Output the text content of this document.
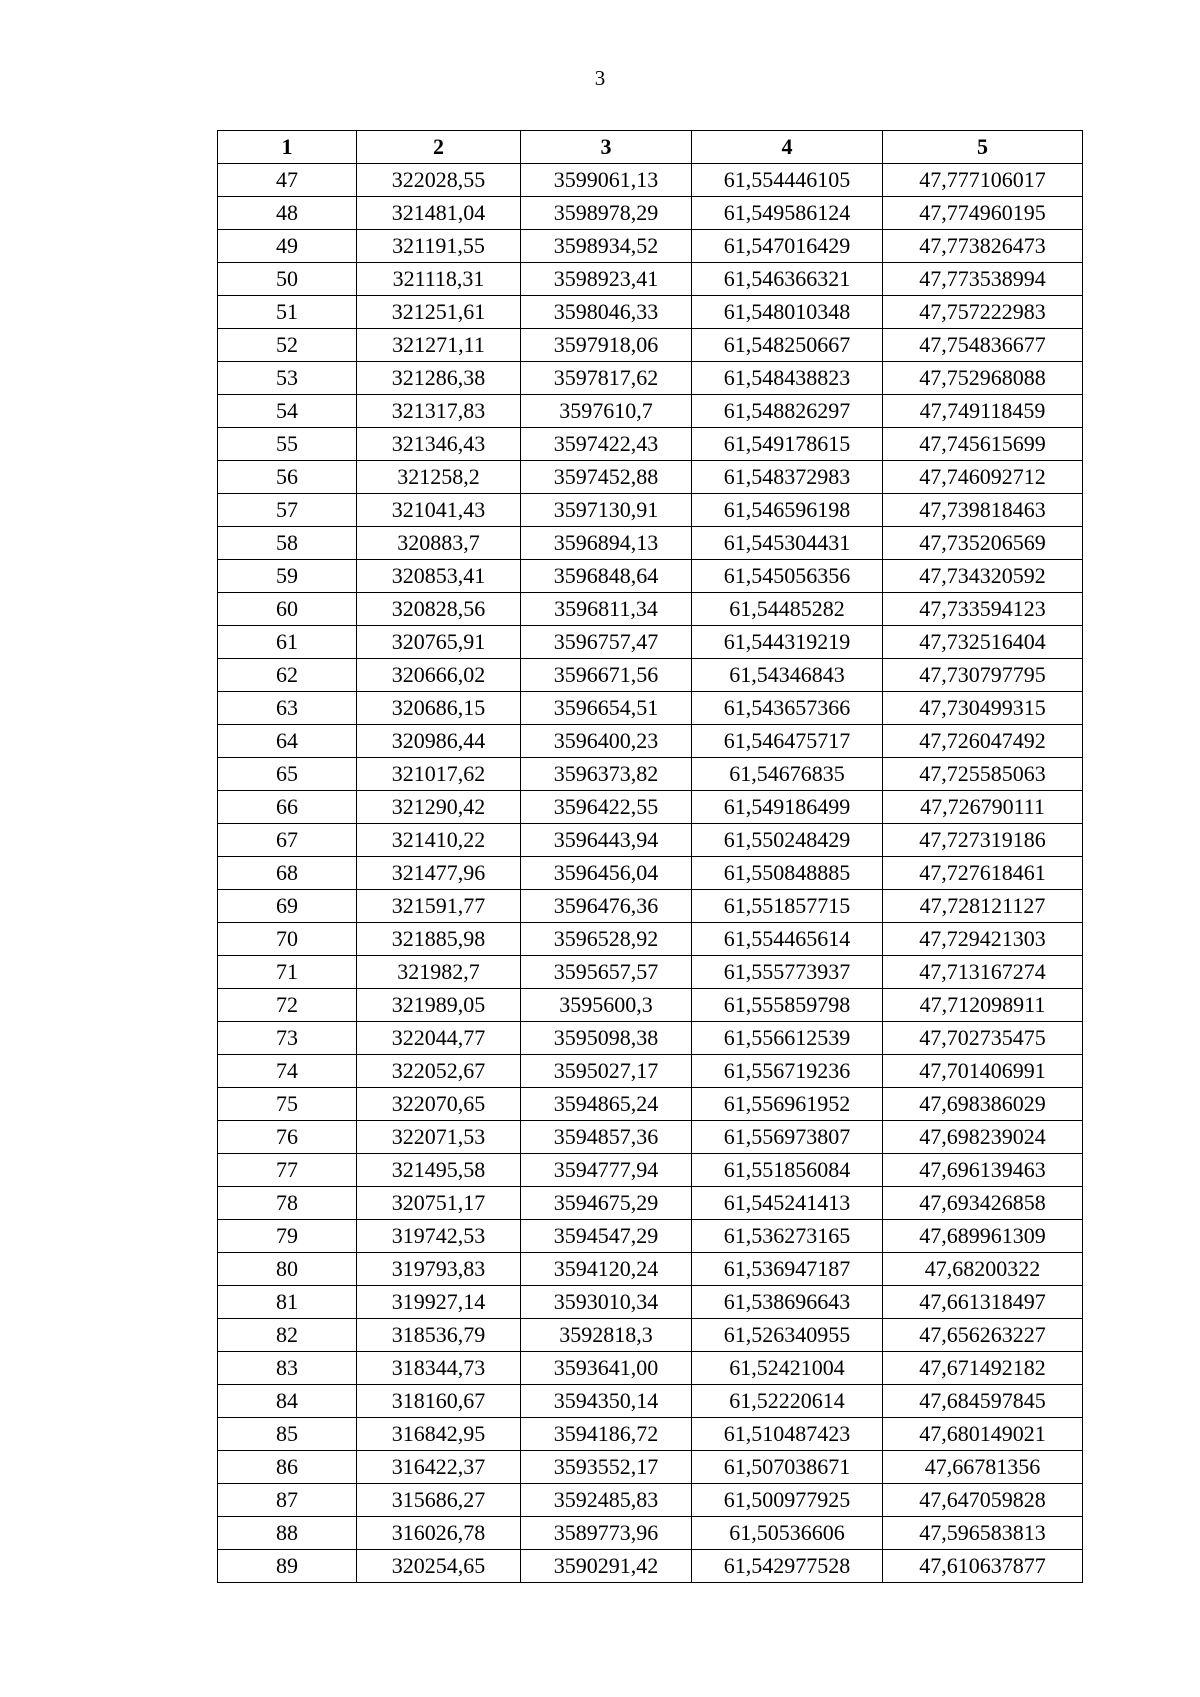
3
1	2	3	4	5
47	322028,55	3599061,13	61,554446105	47,777106017
48	321481,04	3598978,29	61,549586124	47,774960195
49	321191,55	3598934,52	61,547016429	47,773826473
50	321118,31	3598923,41	61,546366321	47,773538994
51	321251,61	3598046,33	61,548010348	47,757222983
52	321271,11	3597918,06	61,548250667	47,754836677
53	321286,38	3597817,62	61,548438823	47,752968088
54	321317,83	3597610,7	61,548826297	47,749118459
55	321346,43	3597422,43	61,549178615	47,745615699
56	321258,2	3597452,88	61,548372983	47,746092712
57	321041,43	3597130,91	61,546596198	47,739818463
58	320883,7	3596894,13	61,545304431	47,735206569
59	320853,41	3596848,64	61,545056356	47,734320592
60	320828,56	3596811,34	61,54485282	47,733594123
61	320765,91	3596757,47	61,544319219	47,732516404
62	320666,02	3596671,56	61,54346843	47,730797795
63	320686,15	3596654,51	61,543657366	47,730499315
64	320986,44	3596400,23	61,546475717	47,726047492
65	321017,62	3596373,82	61,54676835	47,725585063
66	321290,42	3596422,55	61,549186499	47,726790111
67	321410,22	3596443,94	61,550248429	47,727319186
68	321477,96	3596456,04	61,550848885	47,727618461
69	321591,77	3596476,36	61,551857715	47,728121127
70	321885,98	3596528,92	61,554465614	47,729421303
71	321982,7	3595657,57	61,555773937	47,713167274
72	321989,05	3595600,3	61,555859798	47,712098911
73	322044,77	3595098,38	61,556612539	47,702735475
74	322052,67	3595027,17	61,556719236	47,701406991
75	322070,65	3594865,24	61,556961952	47,698386029
76	322071,53	3594857,36	61,556973807	47,698239024
77	321495,58	3594777,94	61,551856084	47,696139463
78	320751,17	3594675,29	61,545241413	47,693426858
79	319742,53	3594547,29	61,536273165	47,689961309
80	319793,83	3594120,24	61,536947187	47,68200322
81	319927,14	3593010,34	61,538696643	47,661318497
82	318536,79	3592818,3	61,526340955	47,656263227
83	318344,73	3593641,00	61,52421004	47,671492182
84	318160,67	3594350,14	61,52220614	47,684597845
85	316842,95	3594186,72	61,510487423	47,680149021
86	316422,37	3593552,17	61,507038671	47,66781356
87	315686,27	3592485,83	61,500977925	47,647059828
88	316026,78	3589773,96	61,50536606	47,596583813
89	320254,65	3590291,42	61,542977528	47,610637877
